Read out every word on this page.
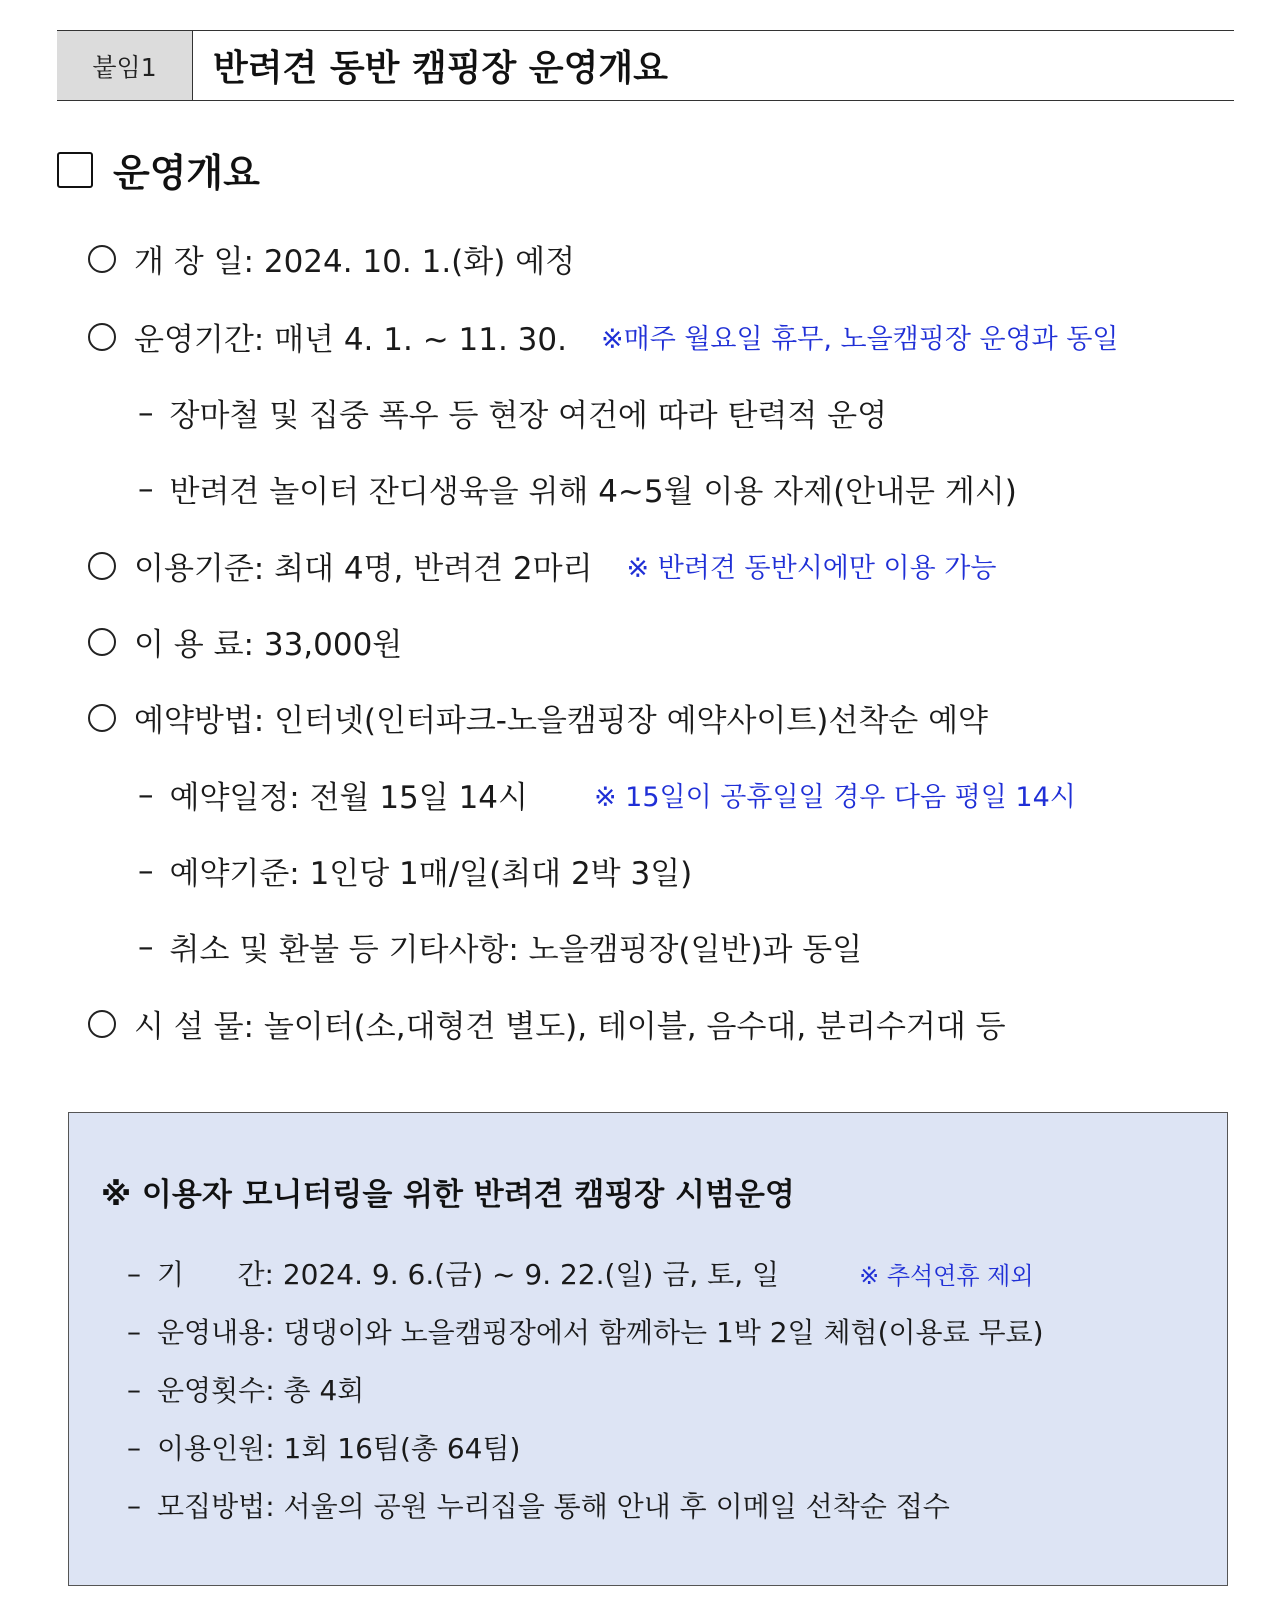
붙임1	반려견 동반 캠핑장 운영개요
운영개요
개 장 일: 2024. 10. 1.(화) 예정
운영기간: 매년 4. 1. ~ 11. 30. ※매주 월요일 휴무, 노을캠핑장 운영과 동일
– 장마철 및 집중 폭우 등 현장 여건에 따라 탄력적 운영
– 반려견 놀이터 잔디생육을 위해 4~5월 이용 자제(안내문 게시)
이용기준: 최대 4명, 반려견 2마리 ※ 반려견 동반시에만 이용 가능
이 용 료: 33,000원
예약방법: 인터넷(인터파크-노을캠핑장 예약사이트)선착순 예약
– 예약일정: 전월 15일 14시 ※ 15일이 공휴일일 경우 다음 평일 14시
– 예약기준: 1인당 1매/일(최대 2박 3일)
– 취소 및 환불 등 기타사항: 노을캠핑장(일반)과 동일
시 설 물: 놀이터(소,대형견 별도), 테이블, 음수대, 분리수거대 등
※ 이용자 모니터링을 위한 반려견 캠핑장 시범운영
– 기      간: 2024. 9. 6.(금) ~ 9. 22.(일) 금, 토, 일	※ 추석연휴 제외
– 운영내용: 댕댕이와 노을캠핑장에서 함께하는 1박 2일 체험(이용료 무료)
– 운영횟수: 총 4회
– 이용인원: 1회 16팀(총 64팀)
– 모집방법: 서울의 공원 누리집을 통해 안내 후 이메일 선착순 접수
